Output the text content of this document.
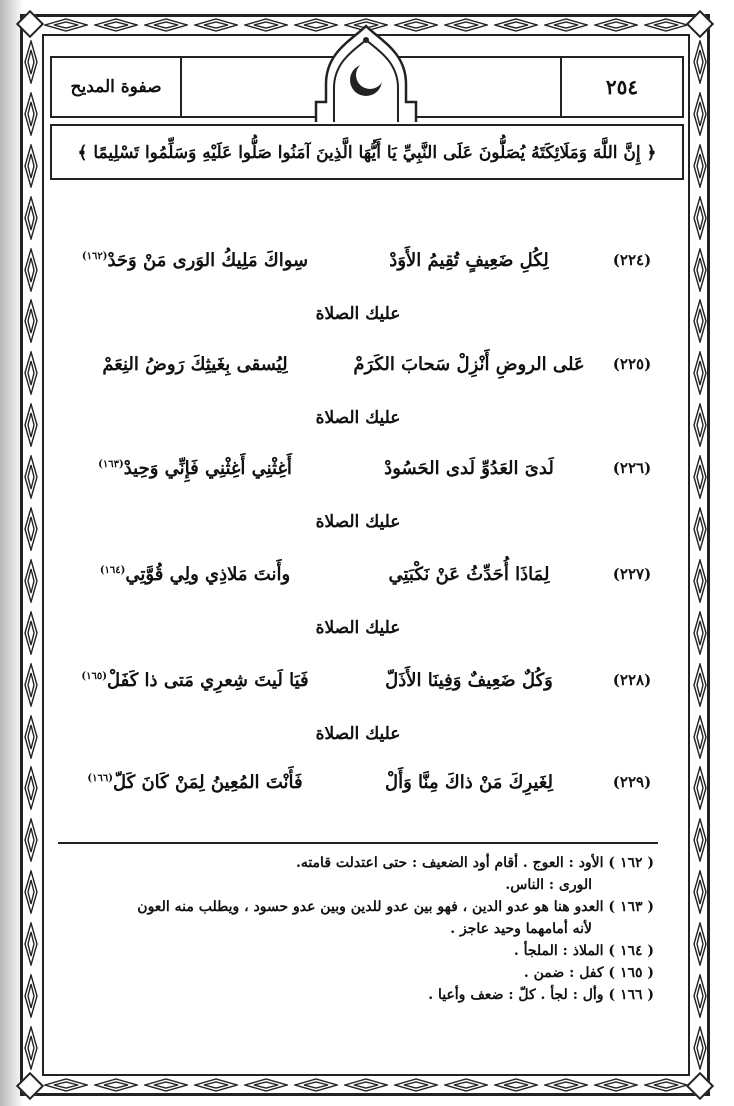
٢٥٤
صفوة المديح
﴿ إِنَّ اللَّهَ وَمَلَائِكَتَهُ يُصَلُّونَ عَلَى النَّبِيِّ يَا أَيُّهَا الَّذِينَ آمَنُوا صَلُّوا عَلَيْهِ وَسَلِّمُوا تَسْلِيمًا ﴾
(٢٢٤)
لِكُلِ ضَعِيفٍ تُقِيمُ الأَوَدْ
سِواكَ مَلِيكُ الوَرى مَنْ وَحَدْ$^{(١٦٢)}$
عليك الصلاة
(٢٢٥)
عَلى الروضِ أَنْزِلْ سَحابَ الكَرَمْ
لِيُسقى بِغَيثِكَ رَوضُ النِعَمْ
عليك الصلاة
(٢٢٦)
لَدىَ العَدُوِّ لَدى الحَسُودْ
أَغِثْنِي أَغِثْنِي فَإِنِّي وَحِيدْ$^{(١٦٣)}$
عليك الصلاة
(٢٢٧)
لِمَاذَا أُحَدِّثُ عَنْ نَكْبَتِي
وأَنتَ مَلاذِي ولِي قُوَّتِي$^{(١٦٤)}$
عليك الصلاة
(٢٢٨)
وَكُلٌ ضَعِيفٌ وَفِينَا الأَذَلّ
فَيَا لَيتَ شِعرِي مَتى ذا كَفَلْ$^{(١٦٥)}$
عليك الصلاة
(٢٢٩)
لِغَيرِكَ مَنْ ذاكَ مِنَّا وَأَلْ
فَأَنْتَ المُعِينُ لِمَنْ كَانَ كَلّ$^{(١٦٦)}$

( ١٦٢ ) الأود : العوج . أقام أود الضعيف : حتى اعتدلت قامته.

الورى : الناس.

( ١٦٣ ) العدو هنا هو عدو الدين ، فهو بين عدو للدين وبين عدو حسود ، ويطلب منه العون

لأنه أمامهما وحيد عاجز .

( ١٦٤ ) الملاذ : الملجأ .

( ١٦٥ ) كفل : ضمن .

( ١٦٦ ) وأل : لجأ . كلّ : ضعف وأعيا .
